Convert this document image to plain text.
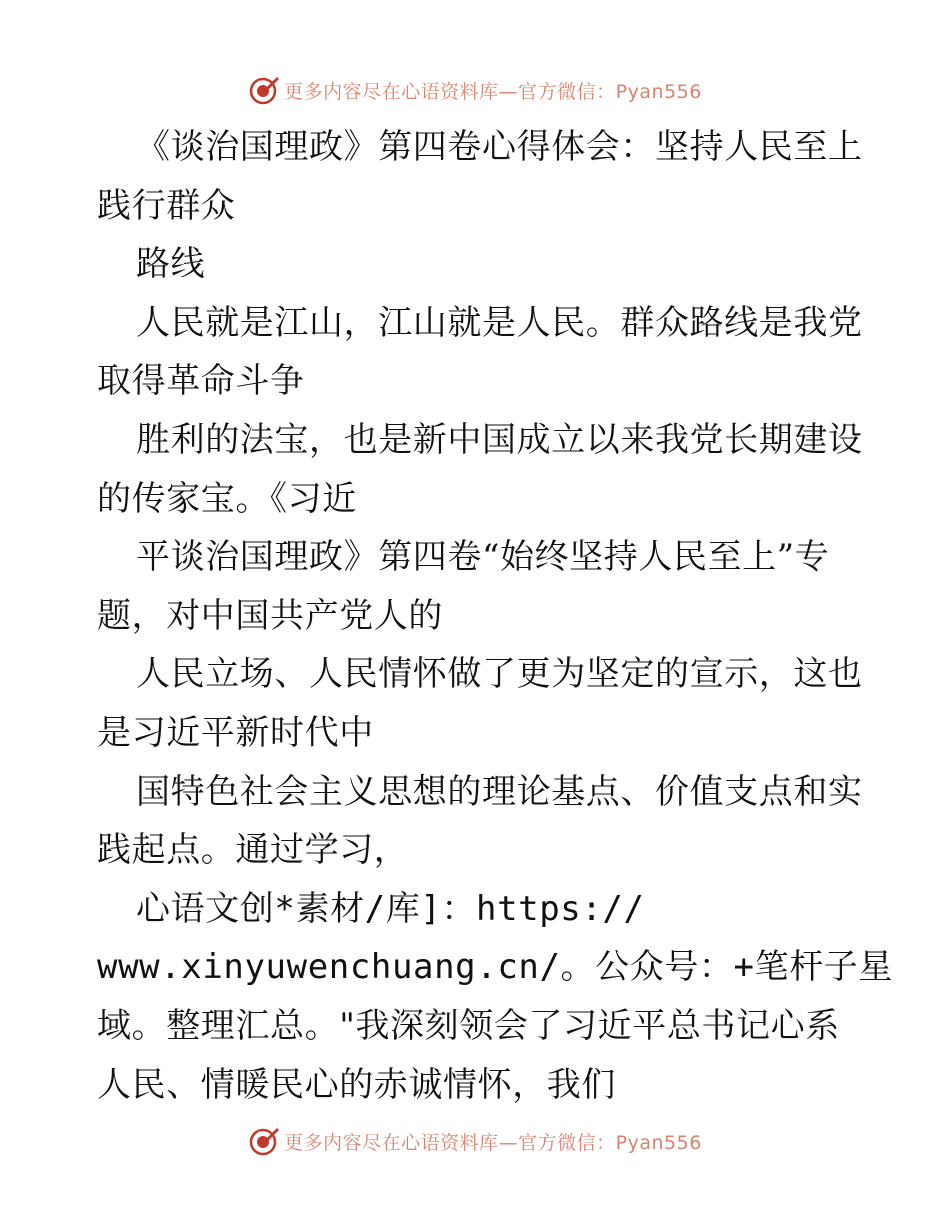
更多内容尽在心语资料库—官方微信：Pyan556
《谈治国理政》第四卷心得体会：坚持人民至上
践行群众
路线
人民就是江山，江山就是人民。群众路线是我党
取得革命斗争
胜利的法宝，也是新中国成立以来我党长期建设
的传家宝。《习近
平谈治国理政》第四卷“始终坚持人民至上”专
题，对中国共产党人的
人民立场、人民情怀做了更为坚定的宣示，这也
是习近平新时代中
国特色社会主义思想的理论基点、价值支点和实
践起点。通过学习，
心语文创*素材/库]：https://
www.xinyuwenchuang.cn/。公众号：+笔杆子星
域。整理汇总。"我深刻领会了习近平总书记心系
人民、情暖民心的赤诚情怀，我们
更多内容尽在心语资料库—官方微信：Pyan556
